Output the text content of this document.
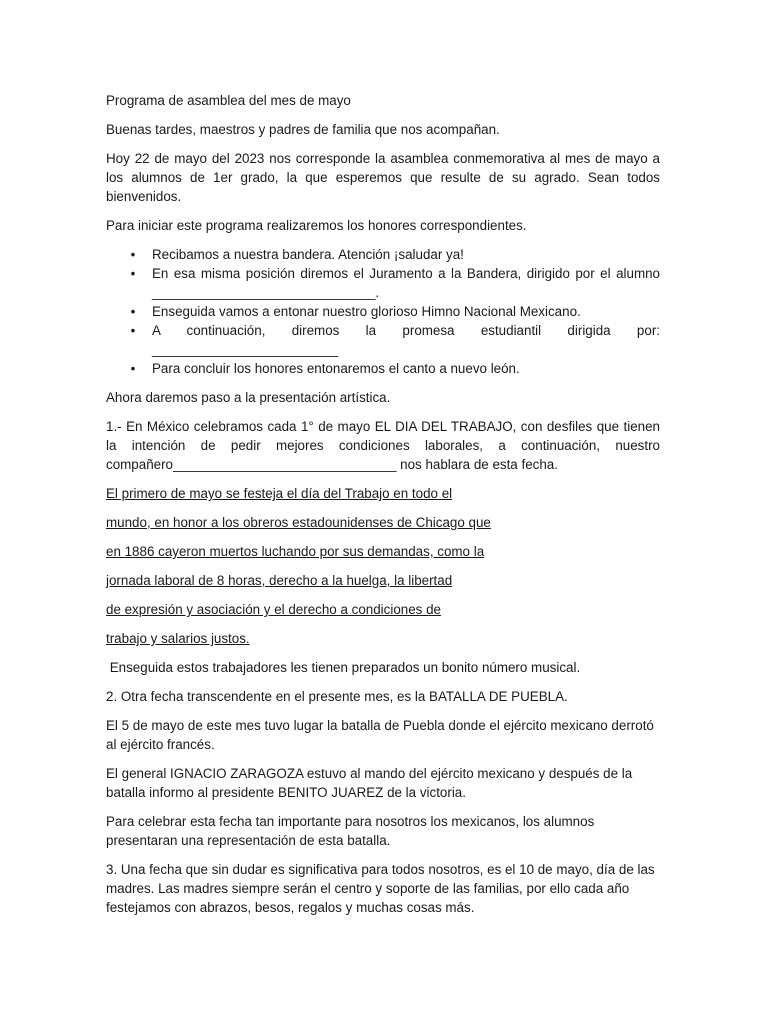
Programa de asamblea del mes de mayo

Buenas tardes, maestros y padres de familia que nos acompañan.

Hoy 22 de mayo del 2023 nos corresponde la asamblea conmemorativa al mes de mayo a los alumnos de 1er grado, la que esperemos que resulte de su agrado. Sean todos bienvenidos.

Para iniciar este programa realizaremos los honores correspondientes.

• Recibamos a nuestra bandera. Atención ¡saludar ya!
• En esa misma posición diremos el Juramento a la Bandera, dirigido por el alumno ______________________________.
• Enseguida vamos a entonar nuestro glorioso Himno Nacional Mexicano.
• A continuación, diremos la promesa estudiantil dirigida por: _________________________
• Para concluir los honores entonaremos el canto a nuevo león.

Ahora daremos paso a la presentación artística.

1.- En México celebramos cada 1° de mayo EL DIA DEL TRABAJO, con desfiles que tienen la intención de pedir mejores condiciones laborales, a continuación, nuestro compañero______________________________ nos hablara de esta fecha.

El primero de mayo se festeja el día del Trabajo en todo el

mundo, en honor a los obreros estadounidenses de Chicago que

en 1886 cayeron muertos luchando por sus demandas, como la

jornada laboral de 8 horas, derecho a la huelga, la libertad

de expresión y asociación y el derecho a condiciones de

trabajo y salarios justos.

Enseguida estos trabajadores les tienen preparados un bonito número musical.

2. Otra fecha transcendente en el presente mes, es la BATALLA DE PUEBLA.

El 5 de mayo de este mes tuvo lugar la batalla de Puebla donde el ejército mexicano derrotó al ejército francés.

El general IGNACIO ZARAGOZA estuvo al mando del ejército mexicano y después de la batalla informo al presidente BENITO JUAREZ de la victoria.

Para celebrar esta fecha tan importante para nosotros los mexicanos, los alumnos presentaran una representación de esta batalla.

3. Una fecha que sin dudar es significativa para todos nosotros, es el 10 de mayo, día de las madres. Las madres siempre serán el centro y soporte de las familias, por ello cada año festejamos con abrazos, besos, regalos y muchas cosas más.
